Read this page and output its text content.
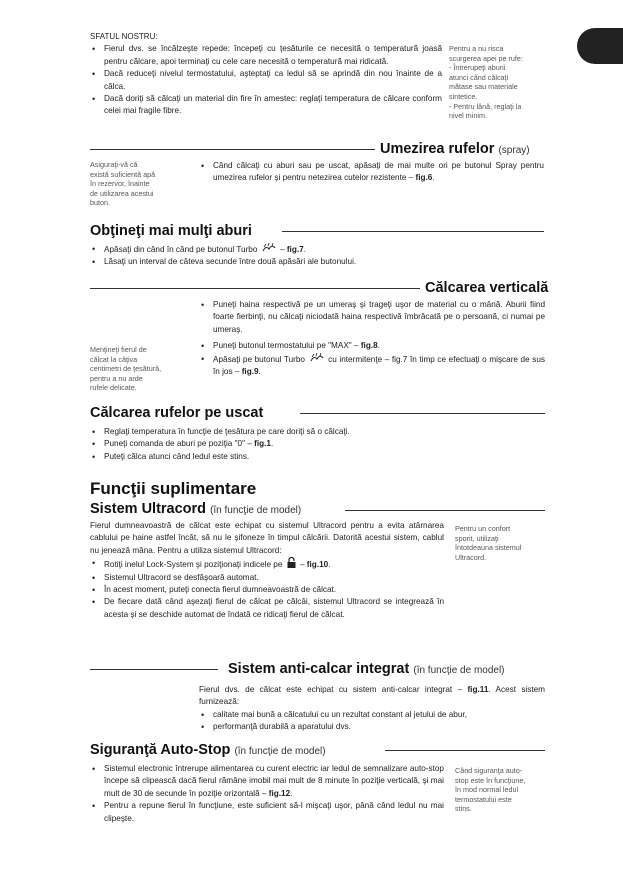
SFATUL NOSTRU:

• Fierul dvs. se încălzeşte repede: începeţi cu ţesăturile ce necesită o temperatură joasă pentru călcare, apoi terminaţi cu cele care necesită o temperatură mai ridicată.
• Dacă reduceţi nivelul termostatului, aşteptaţi ca ledul să se aprindă din nou înainte de a călca.
• Dacă doriţi să călcaţi un material din fire în amestec: reglaţi temperatura de călcare conform celei mai fragile fibre.

Pentru a nu risca

scurgerea apei pe rufe:

- Întrerupeţi aburii

atunci când călcaţi

mătase sau materiale

sintetice.

- Pentru lână, reglaţi la

nivel minim.

Umezirea rufelor (spray)

Asiguraţi-vă că

există suficientă apă

în rezervor, înainte

de utilizarea acestui

buton.

• Când călcaţi cu aburi sau pe uscat, apăsaţi de mai multe ori pe butonul Spray pentru umezirea rufelor şi pentru netezirea cutelor rezistente – fig.6.
Obţineţi mai mulţi aburi
• Apăsaţi din când în când pe butonul Turbo	– fig.7.
• Lăsaţi un interval de câteva secunde între două apăsări ale butonului.
Călcarea verticală
• Puneţi haina respectivă pe un umeraş şi trageţi uşor de material cu o mână. Aburii fiind foarte fierbinţi, nu călcaţi niciodată haina respectivă îmbrăcată pe o persoană, ci numai pe umeraş.
• Puneţi butonul termostatului pe "MAX" – fig.8.
• Apăsaţi pe butonul Turbo	cu intermitenţe – fig.7 în timp ce efectuaţi o mişcare de sus în jos – fig.9.

Menţineţi fierul de

călcat la câţiva

centimetri de ţesătură,

pentru a nu arde

rufele delicate.

Călcarea rufelor pe uscat
• Reglaţi temperatura în funcţie de ţesătura pe care doriţi să o călcaţi.
• Puneţi comanda de aburi pe poziţia "0" – fig.1.
• Puteţi călca atunci când ledul este stins.
Funcţii suplimentare
Sistem Ultracord (în funcţie de model)

Fierul dumneavoastră de călcat este echipat cu sistemul Ultracord pentru a evita atârnarea cablului pe haine astfel încât, să nu le şifoneze în timpul călcării. Datorită acestui sistem, cablul nu jenează mâna. Pentru a utiliza sistemul Ultracord:

• Rotiţi inelul Lock-System şi poziţionaţi indicele pe – fig.10.
• Sistemul Ultracord se desfăşoară automat.
• În acest moment, puteţi conecta fierul dumneavoastră de călcat.
• De fiecare dată când aşezaţi fierul de călcat pe călcâi, sistemul Ultracord se integrează în acesta şi se deschide automat de îndată ce ridicaţi fierul de călcat.

Pentru un confort

sporit, utilizaţi

întotdeauna sistemul

Ultracord.

Sistem anti-calcar integrat (în funcţie de model)

Fierul dvs. de călcat este echipat cu sistem anti-calcar integrat – fig.11. Acest sistem furnizează:

• calitate mai bună a călcatului cu un rezultat constant al jetului de abur,
• performanţă durabilă a aparatului dvs.
Siguranţă Auto-Stop (în funcţie de model)
• Sistemul electronic întrerupe alimentarea cu curent electric iar ledul de semnalizare auto-stop începe să clipească dacă fierul rămâne imobil mai mult de 8 minute în poziţie verticală, şi mai mult de 30 de secunde în poziţie orizontală – fig.12.
• Pentru a repune fierul în funcţiune, este suficient să-l mişcaţi uşor, până când ledul nu mai clipeşte.

Când siguranţa auto-

stop este în funcţiune,

în mod normal ledul

termostatului este

stins.
